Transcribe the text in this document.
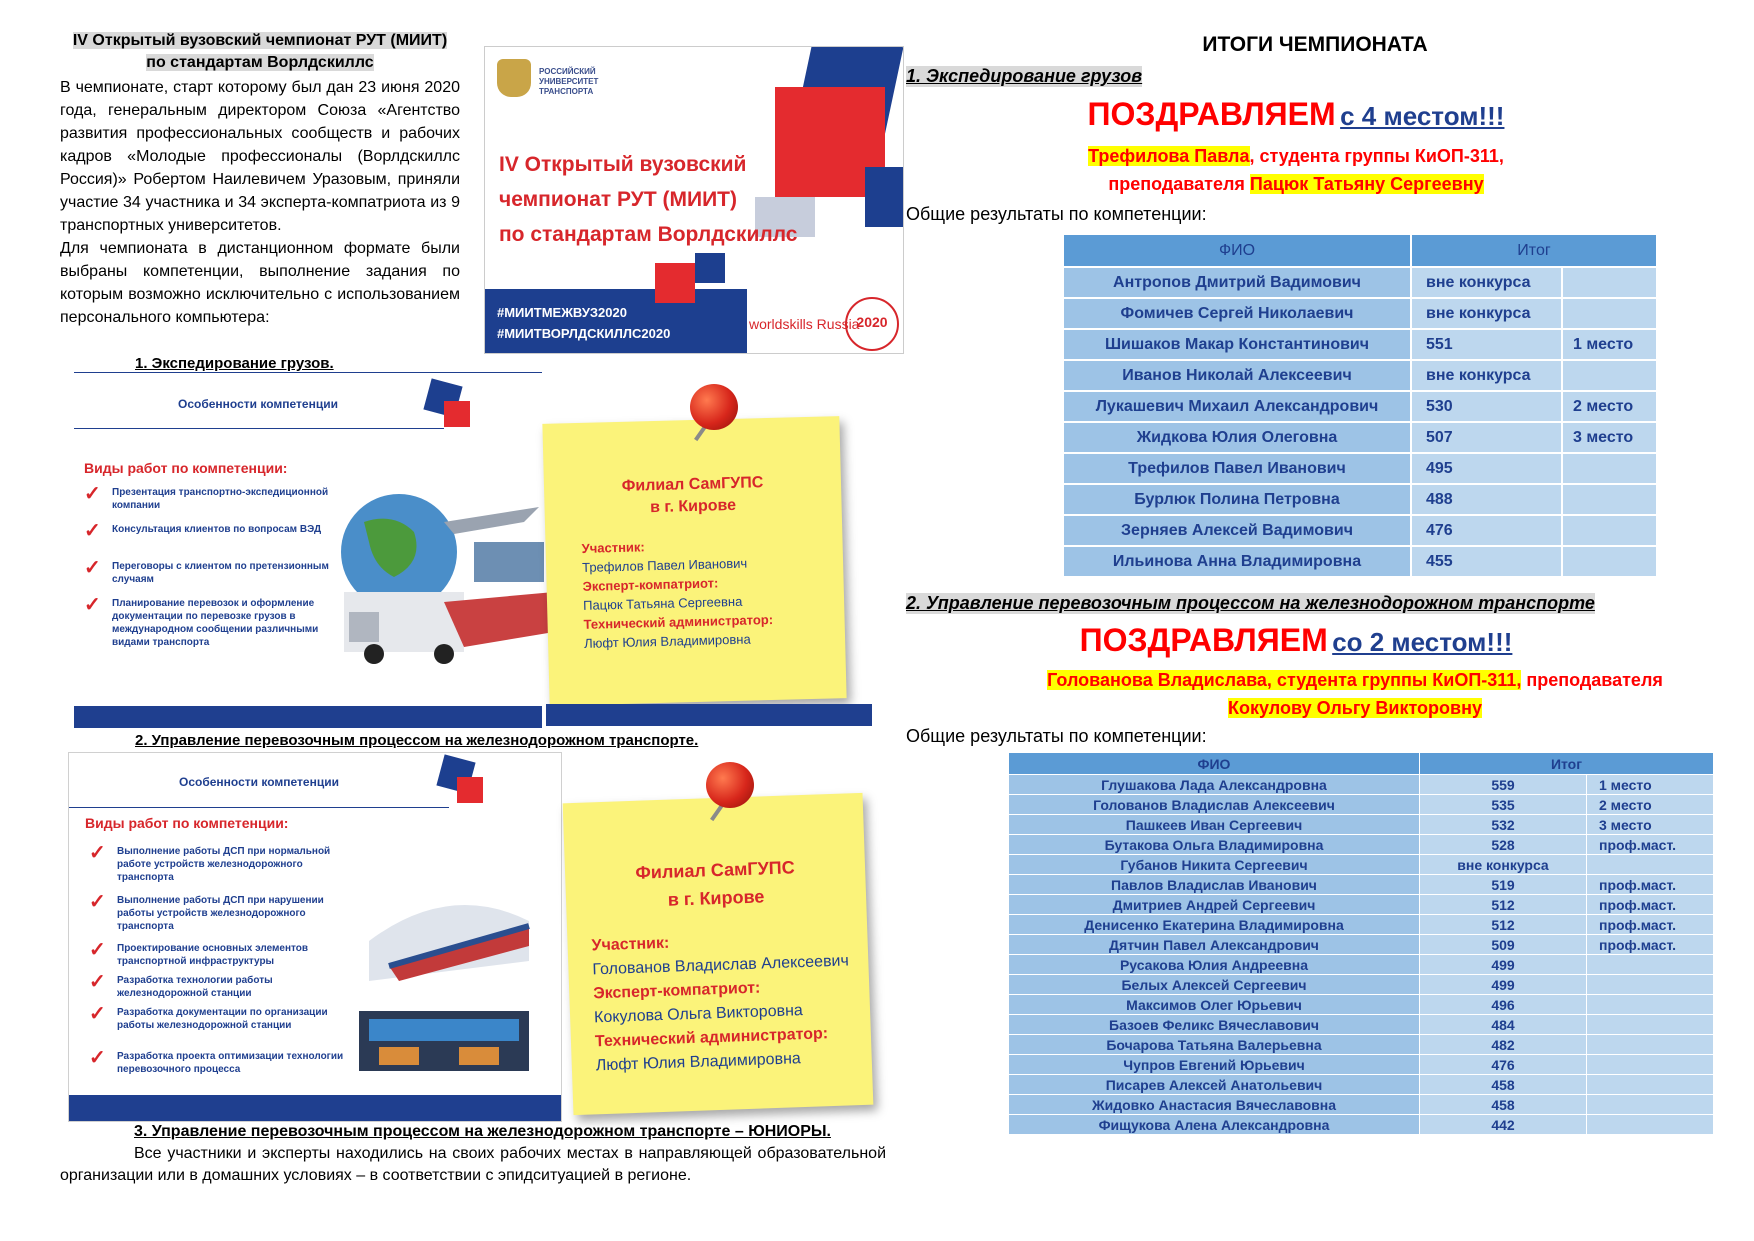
IV Открытый вузовский чемпионат РУТ (МИИТ)
по стандартам Ворлдскиллс

В чемпионате, старт которому был дан 23 июня 2020 года, генеральным директором Союза «Агентство развития профессиональных сообществ и рабочих кадров «Молодые профессионалы (Ворлдскиллс Россия)» Робертом Наилевичем Уразовым, приняли участие 34 участника и 34 эксперта-компатриота из 9 транспортных университетов.

Для чемпионата в дистанционном формате были выбраны компетенции, выполнение задания по которым возможно исключительно с использованием персонального компьютера:

РОССИЙСКИЙ УНИВЕРСИТЕТ
ТРАНСПОРТА
IV Открытый вузовский
чемпионат РУТ (МИИТ)
по стандартам Ворлдскиллс
#МИИТМЕЖВУЗ2020
#МИИТВОРЛДСКИЛЛС2020
worldskills Russia
2020
1. Экспедирование грузов.
Особенности компетенции
Виды работ по компетенции:
✓ Презентация транспортно-экспедиционной компании
✓ Консультация клиентов по вопросам ВЭД
✓ Переговоры с клиентом по претензионным случаям
✓ Планирование перевозок и оформление документации по перевозке грузов в международном сообщении различными видами транспорта
Филиал СамГУПС
в г. Кирове
Участник:
Трефилов Павел Иванович
Эксперт-компатриот:
Пацюк Татьяна Сергеевна
Технический администратор:
Люфт Юлия Владимировна
2. Управление перевозочным процессом на железнодорожном транспорте.
Особенности компетенции
Виды работ по компетенции:
✓ Выполнение работы ДСП при нормальной работе устройств железнодорожного транспорта
✓ Выполнение работы ДСП при нарушении работы устройств железнодорожного транспорта
✓ Проектирование основных элементов транспортной инфраструктуры
✓ Разработка технологии работы железнодорожной станции
✓ Разработка документации по организации работы железнодорожной станции
✓ Разработка проекта оптимизации технологии перевозочного процесса
Филиал СамГУПС
в г. Кирове
Участник:
Голованов Владислав Алексеевич
Эксперт-компатриот:
Кокулова Ольга Викторовна
Технический администратор:
Люфт Юлия Владимировна
3. Управление перевозочным процессом на железнодорожном транспорте – ЮНИОРЫ.
Все участники и эксперты находились на своих рабочих местах в направляющей образовательной организации или в домашних условиях – в соответствии с эпидситуацией в регионе.
ИТОГИ ЧЕМПИОНАТА
1. Экспедирование грузов
ПОЗДРАВЛЯЕМ с 4 местом!!!
Трефилова Павла, студента группы КиОП-311,
преподавателя Пацюк Татьяну Сергеевну
Общие результаты по компетенции:
ФИО	Итог	
Антропов Дмитрий Вадимович	вне конкурса	
Фомичев Сергей Николаевич	вне конкурса	
Шишаков Макар Константинович	551	1 место
Иванов Николай Алексеевич	вне конкурса	
Лукашевич Михаил Александрович	530	2 место
Жидкова Юлия Олеговна	507	3 место
Трефилов Павел Иванович	495	
Бурлюк Полина Петровна	488	
Зерняев Алексей Вадимович	476	
Ильинова Анна Владимировна	455	
2. Управление перевозочным процессом на железнодорожном транспорте
ПОЗДРАВЛЯЕМ со 2 местом!!!
Голованова Владислава, студента группы КиОП-311, преподавателя
Кокулову Ольгу Викторовну
Общие результаты по компетенции:
ФИО	Итог	
Глушакова Лада Александровна	559	1 место
Голованов Владислав Алексеевич	535	2 место
Пашкеев Иван Сергеевич	532	3 место
Бутакова Ольга Владимировна	528	проф.маст.
Губанов Никита Сергеевич	вне конкурса	
Павлов Владислав Иванович	519	проф.маст.
Дмитриев Андрей Сергеевич	512	проф.маст.
Денисенко Екатерина Владимировна	512	проф.маст.
Дятчин Павел Александрович	509	проф.маст.
Русакова Юлия Андреевна	499	
Белых Алексей Сергеевич	499	
Максимов Олег Юрьевич	496	
Базоев Феликс Вячеславович	484	
Бочарова Татьяна Валерьевна	482	
Чупров Евгений Юрьевич	476	
Писарев Алексей Анатольевич	458	
Жидовко Анастасия Вячеславовна	458	
Фищукова Алена Александровна	442	
